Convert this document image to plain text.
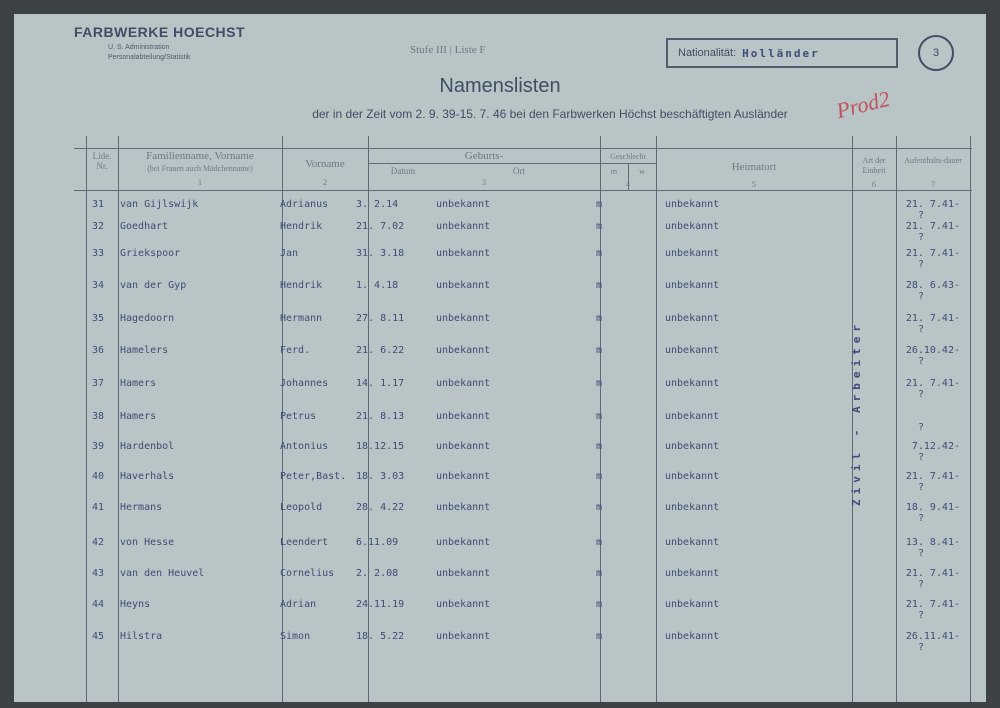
FARBWERKE HOECHST
U. S. Administration
Personalabteilung/Statistik
Stufe III | Liste F	Nationalität: Holländer	3
Namenslisten
der in der Zeit vom 2. 9. 39-15. 7. 46 bei den Farbwerken Höchst beschäftigten Ausländer	Prod2
Lide. Nr.
Familienname, Vorname
(bei Frauen auch Mädchenname)
1
Vorname
2
Geburts-
Datum	Ort
3
Geschlecht
m	w
4
Heimatort
5
Art der Einheit
6
Aufenthalts-dauer
7
Zivil - Arbeiter
31 van Gijlswijk	Adrianus	3. 2.14	unbekannt	m	unbekannt	21. 7.41-
?
32 Goedhart	Hendrik	21. 7.02	unbekannt	m	unbekannt	21. 7.41-
?
33 Griekspoor	Jan	31. 3.18	unbekannt	m	unbekannt	21. 7.41-
?
34 van der Gyp	Hendrik	1. 4.18	unbekannt	m	unbekannt	28. 6.43-
?
35 Hagedoorn	Hermann	27. 8.11	unbekannt	m	unbekannt	21. 7.41-
?
36 Hamelers	Ferd.	21. 6.22	unbekannt	m	unbekannt	26.10.42-
?
37 Hamers	Johannes	14. 1.17	unbekannt	m	unbekannt	21. 7.41-
?
38 Hamers	Petrus	21. 8.13	unbekannt	m	unbekannt
?
39 Hardenbol	Antonius	18.12.15	unbekannt	m	unbekannt	7.12.42-
?
40 Haverhals	Peter,Bast. 18. 3.03	unbekannt	m	unbekannt	21. 7.41-
?
41 Hermans	Leopold	28. 4.22	unbekannt	m	unbekannt	18. 9.41-
?
42 von Hesse	Leendert	6.11.09	unbekannt	m	unbekannt	13. 8.41-
?
43 van den Heuvel	Cornelius 2. 2.08	unbekannt	m	unbekannt	21. 7.41-
?
44 Heyns	Adrian	24.11.19	unbekannt	m	unbekannt	21. 7.41-
?
45 Hilstra	Simon	18. 5.22	unbekannt	m	unbekannt	26.11.41-
?
